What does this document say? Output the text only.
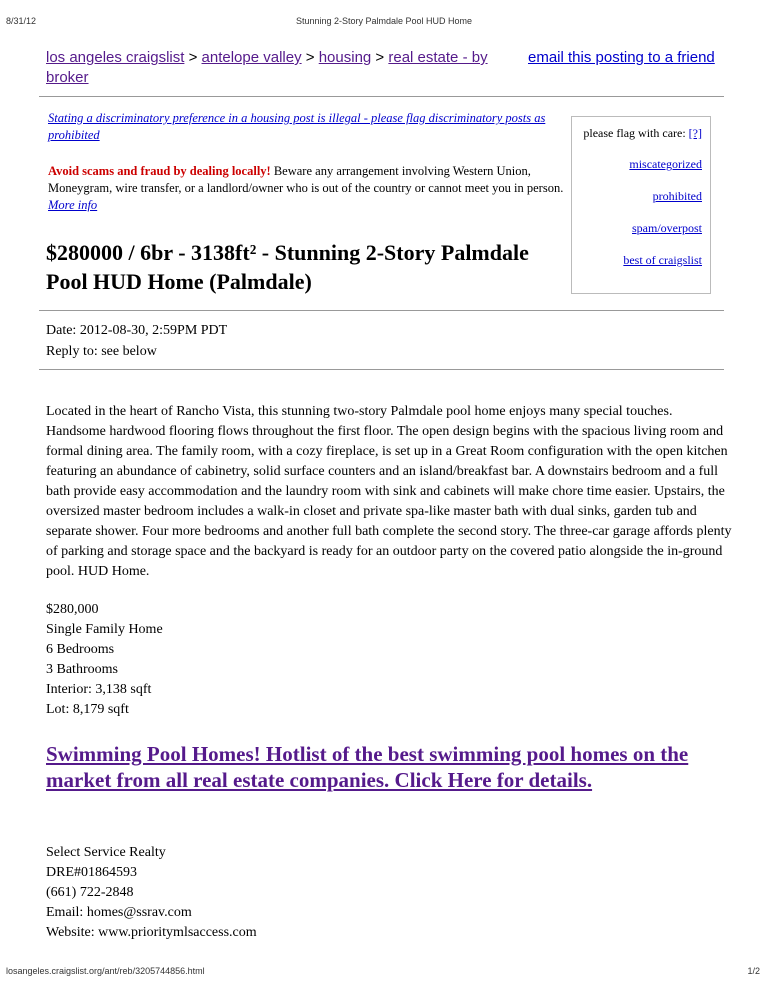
8/31/12	Stunning 2-Story Palmdale Pool HUD Home
los angeles craigslist > antelope valley > housing > real estate - by broker
email this posting to a friend
Stating a discriminatory preference in a housing post is illegal - please flag discriminatory posts as prohibited
Avoid scams and fraud by dealing locally! Beware any arrangement involving Western Union, Moneygram, wire transfer, or a landlord/owner who is out of the country or cannot meet you in person. More info
please flag with care: [?]
miscategorized
prohibited
spam/overpost
best of craigslist
$280000 / 6br - 3138ft² - Stunning 2-Story Palmdale Pool HUD Home (Palmdale)
Date: 2012-08-30, 2:59PM PDT
Reply to: see below
Located in the heart of Rancho Vista, this stunning two-story Palmdale pool home enjoys many special touches. Handsome hardwood flooring flows throughout the first floor. The open design begins with the spacious living room and formal dining area. The family room, with a cozy fireplace, is set up in a Great Room configuration with the open kitchen featuring an abundance of cabinetry, solid surface counters and an island/breakfast bar. A downstairs bedroom and a full bath provide easy accommodation and the laundry room with sink and cabinets will make chore time easier. Upstairs, the oversized master bedroom includes a walk-in closet and private spa-like master bath with dual sinks, garden tub and separate shower. Four more bedrooms and another full bath complete the second story. The three-car garage affords plenty of parking and storage space and the backyard is ready for an outdoor party on the covered patio alongside the in-ground pool. HUD Home.
$280,000
Single Family Home
6 Bedrooms
3 Bathrooms
Interior: 3,138 sqft
Lot: 8,179 sqft
Swimming Pool Homes! Hotlist of the best swimming pool homes on the market from all real estate companies. Click Here for details.
Select Service Realty
DRE#01864593
(661) 722-2848
Email: homes@ssrav.com
Website: www.prioritymlsaccess.com
losangeles.craigslist.org/ant/reb/3205744856.html	1/2
